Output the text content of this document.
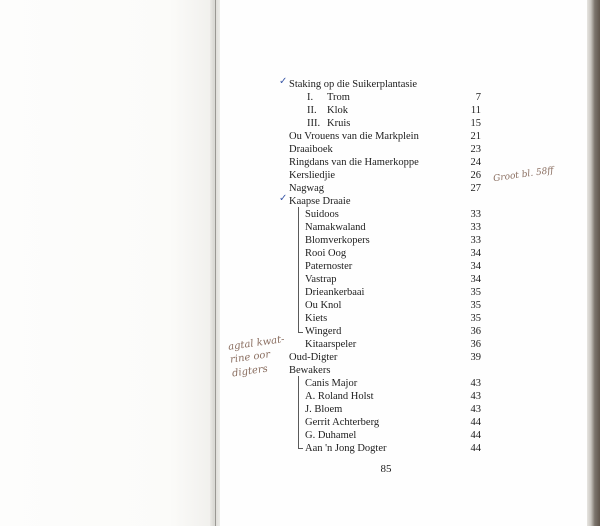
Staking op die Suikerplantasie
I. Trom	7
II. Klok	11
III. Kruis	15
Ou Vrouens van die Markplein	21
Draaiboek	23
Ringdans van die Hamerkoppe	24
Kersliedjie	26
Nagwag	27
Kaapse Draaie
Suidoos	33
Namakwaland	33
Blomverkopers	33
Rooi Oog	34
Paternoster	34
Vastrap	34
Drieankerbaai	35
Ou Knol	35
Kiets	35
Wingerd	36
Kitaarspeler	36
Oud-Digter	39
Bewakers
Canis Major	43
A. Roland Holst	43
J. Bloem	43
Gerrit Achterberg	44
G. Duhamel	44
Aan 'n Jong Dogter	44
85
✓
✓
Groot bl. 58ff
agtal kwat-
rine oor
digters
